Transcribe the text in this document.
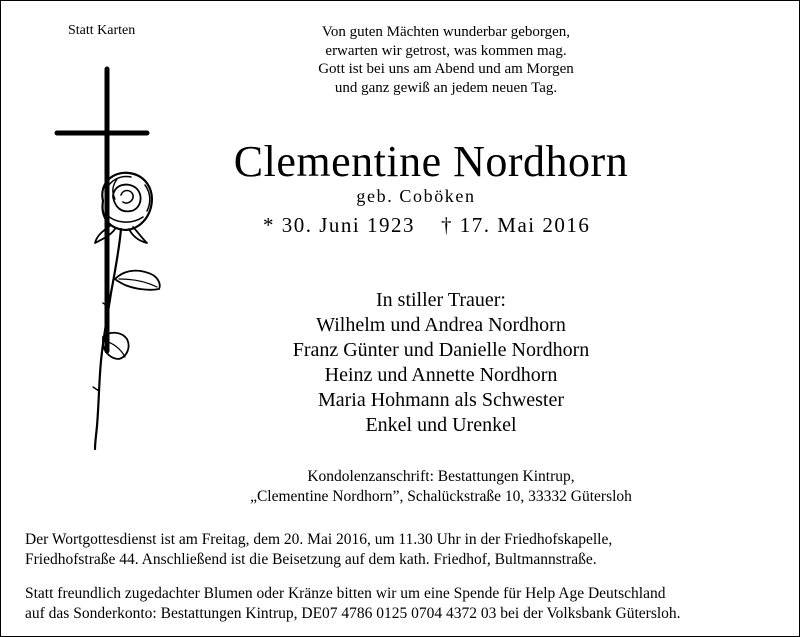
Statt Karten	Von guten Mächten wunderbar geborgen,
erwarten wir getrost, was kommen mag.
Gott ist bei uns am Abend und am Morgen
und ganz gewiß an jedem neuen Tag.
Clementine Nordhorn
geb. Coböken
* 30. Juni 1923 † 17. Mai 2016
In stiller Trauer:
Wilhelm und Andrea Nordhorn
Franz Günter und Danielle Nordhorn
Heinz und Annette Nordhorn
Maria Hohmann als Schwester
Enkel und Urenkel
Kondolenzanschrift: Bestattungen Kintrup,
„Clementine Nordhorn”, Schalückstraße 10, 33332 Gütersloh
Der Wortgottesdienst ist am Freitag, dem 20. Mai 2016, um 11.30 Uhr in der Friedhofskapelle,
Friedhofstraße 44. Anschließend ist die Beisetzung auf dem kath. Friedhof, Bultmannstraße.
Statt freundlich zugedachter Blumen oder Kränze bitten wir um eine Spende für Help Age Deutschland
auf das Sonderkonto: Bestattungen Kintrup, DE07 4786 0125 0704 4372 03 bei der Volksbank Gütersloh.
